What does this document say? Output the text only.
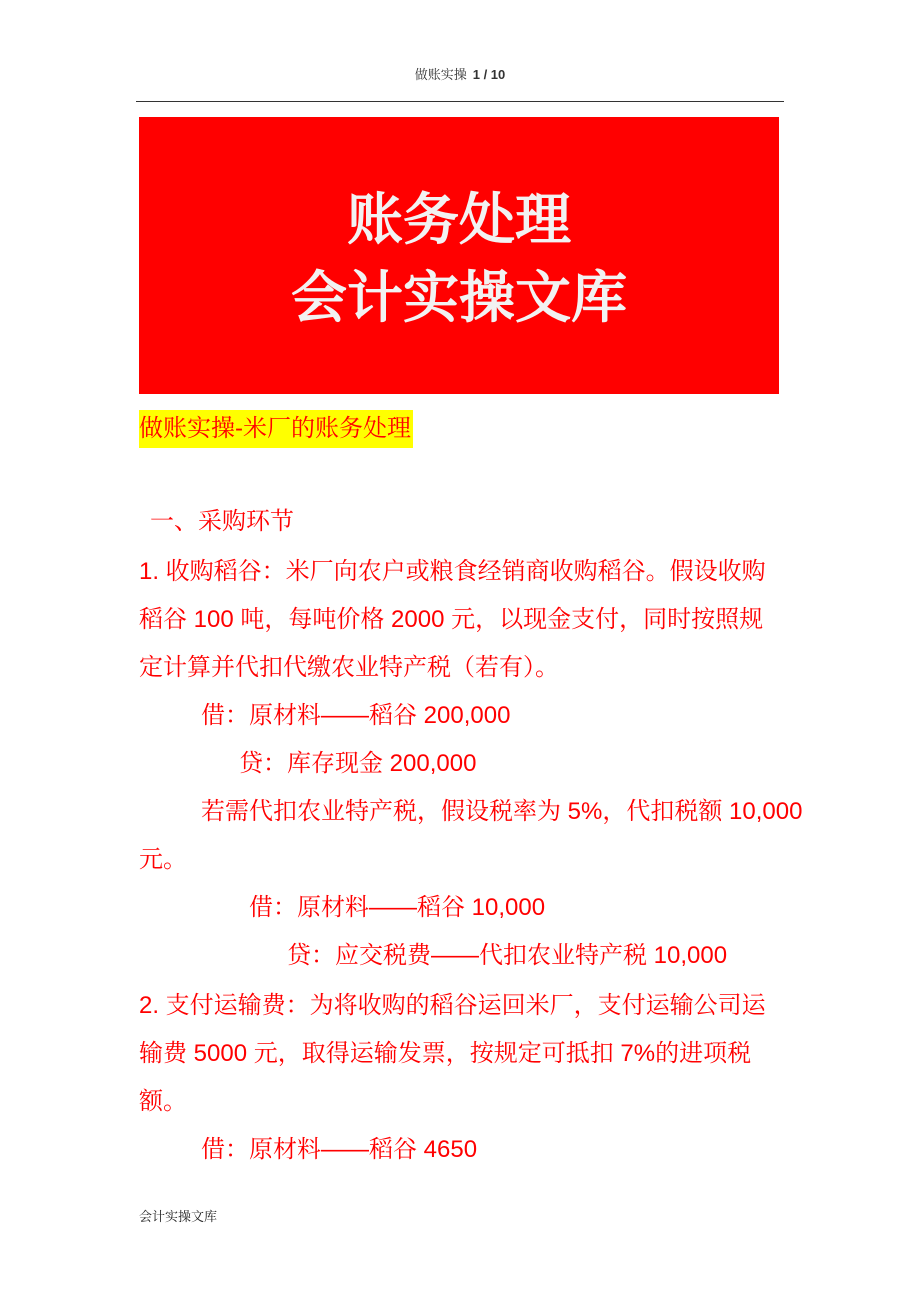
做账实操 1 / 10
账务处理
会计实操文库
做账实操-米厂的账务处理
一、采购环节
1. 收购稻谷：米厂向农户或粮食经销商收购稻谷。假设收购
稻谷 100 吨，每吨价格 2000 元，以现金支付，同时按照规
定计算并代扣代缴农业特产税（若有）。
借：原材料——稻谷 200,000
贷：库存现金 200,000
若需代扣农业特产税，假设税率为 5%，代扣税额 10,000
元。
借：原材料——稻谷 10,000
贷：应交税费——代扣农业特产税 10,000
2. 支付运输费：为将收购的稻谷运回米厂，支付运输公司运
输费 5000 元，取得运输发票，按规定可抵扣 7%的进项税
额。
借：原材料——稻谷 4650
会计实操文库
